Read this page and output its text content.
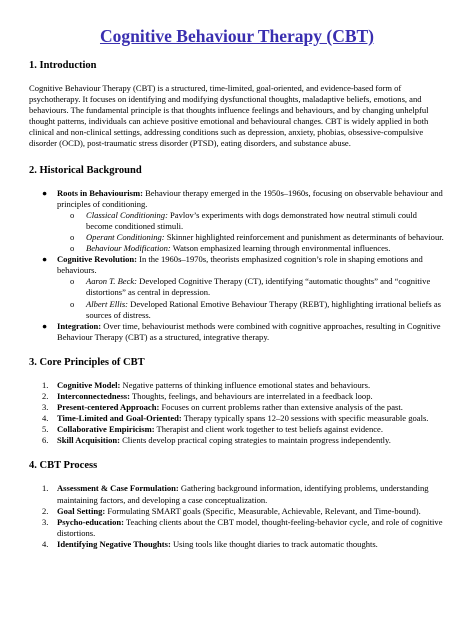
Cognitive Behaviour Therapy (CBT)
1. Introduction

Cognitive Behaviour Therapy (CBT) is a structured, time-limited, goal-oriented, and evidence-based form of psychotherapy. It focuses on identifying and modifying dysfunctional thoughts, maladaptive beliefs, emotions, and behaviours. The fundamental principle is that thoughts influence feelings and behaviours, and by changing unhelpful thought patterns, individuals can achieve positive emotional and behavioural changes. CBT is widely applied in both clinical and non-clinical settings, addressing conditions such as depression, anxiety, phobias, obsessive-compulsive disorder (OCD), post-traumatic stress disorder (PTSD), eating disorders, and substance abuse.

2. Historical Background
● Roots in Behaviourism: Behaviour therapy emerged in the 1950s–1960s, focusing on observable behaviour and principles of conditioning.
o Classical Conditioning: Pavlov’s experiments with dogs demonstrated how neutral stimuli could become conditioned stimuli.
o Operant Conditioning: Skinner highlighted reinforcement and punishment as determinants of behaviour.
o Behaviour Modification: Watson emphasized learning through environmental influences.
● Cognitive Revolution: In the 1960s–1970s, theorists emphasized cognition’s role in shaping emotions and behaviours.
o Aaron T. Beck: Developed Cognitive Therapy (CT), identifying “automatic thoughts” and “cognitive distortions” as central in depression.
o Albert Ellis: Developed Rational Emotive Behaviour Therapy (REBT), highlighting irrational beliefs as sources of distress.
● Integration: Over time, behaviourist methods were combined with cognitive approaches, resulting in Cognitive Behaviour Therapy (CBT) as a structured, integrative therapy.
3. Core Principles of CBT
1. Cognitive Model: Negative patterns of thinking influence emotional states and behaviours.
2. Interconnectedness: Thoughts, feelings, and behaviours are interrelated in a feedback loop.
3. Present-centered Approach: Focuses on current problems rather than extensive analysis of the past.
4. Time-Limited and Goal-Oriented: Therapy typically spans 12–20 sessions with specific measurable goals.
5. Collaborative Empiricism: Therapist and client work together to test beliefs against evidence.
6. Skill Acquisition: Clients develop practical coping strategies to maintain progress independently.
4. CBT Process
1. Assessment & Case Formulation: Gathering background information, identifying problems, understanding maintaining factors, and developing a case conceptualization.
2. Goal Setting: Formulating SMART goals (Specific, Measurable, Achievable, Relevant, and Time-bound).
3. Psycho-education: Teaching clients about the CBT model, thought-feeling-behavior cycle, and role of cognitive distortions.
4. Identifying Negative Thoughts: Using tools like thought diaries to track automatic thoughts.
